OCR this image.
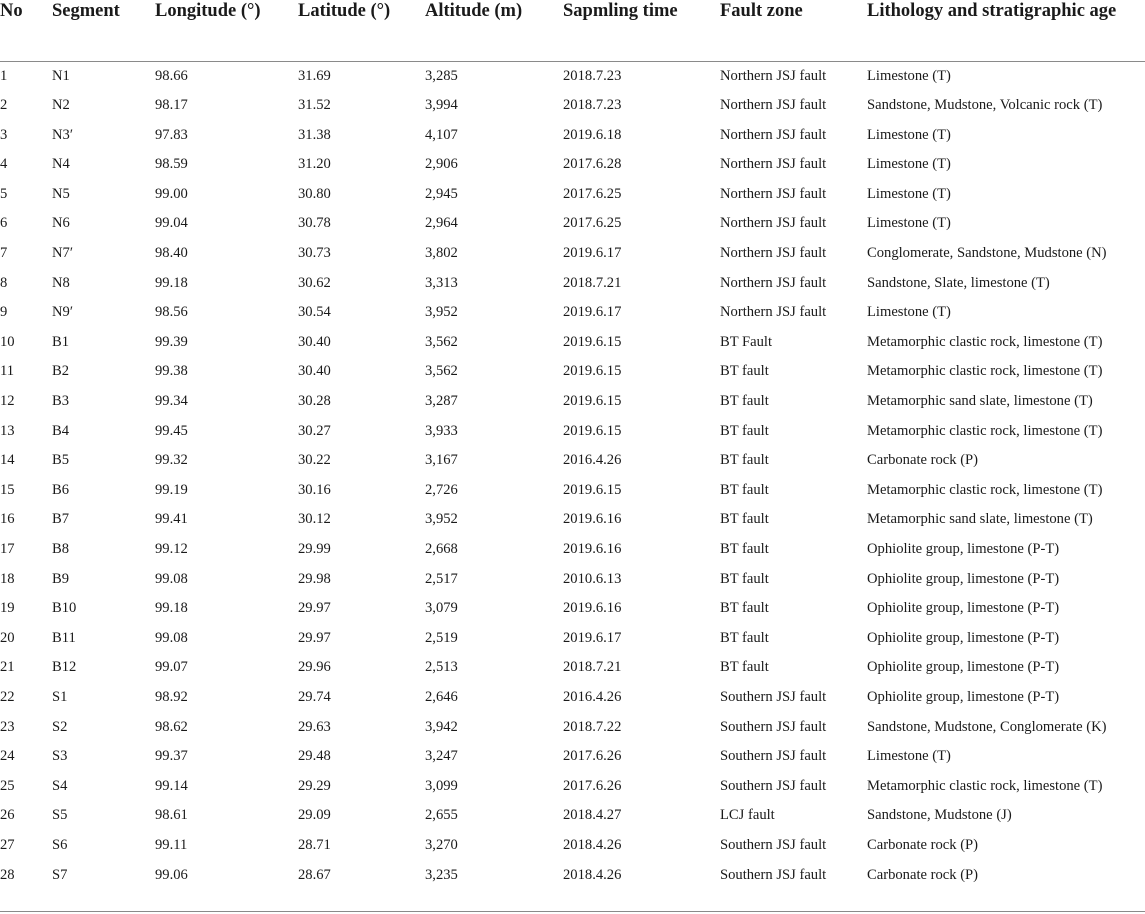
No	Segment	Longitude (°)	Latitude (°)	Altitude (m)	Sapmling time	Fault zone	Lithology and stratigraphic age
1	N1	98.66	31.69	3,285	2018.7.23	Northern JSJ fault	Limestone (T)
2	N2	98.17	31.52	3,994	2018.7.23	Northern JSJ fault	Sandstone, Mudstone, Volcanic rock (T)
3	N3′	97.83	31.38	4,107	2019.6.18	Northern JSJ fault	Limestone (T)
4	N4	98.59	31.20	2,906	2017.6.28	Northern JSJ fault	Limestone (T)
5	N5	99.00	30.80	2,945	2017.6.25	Northern JSJ fault	Limestone (T)
6	N6	99.04	30.78	2,964	2017.6.25	Northern JSJ fault	Limestone (T)
7	N7′	98.40	30.73	3,802	2019.6.17	Northern JSJ fault	Conglomerate, Sandstone, Mudstone (N)
8	N8	99.18	30.62	3,313	2018.7.21	Northern JSJ fault	Sandstone, Slate, limestone (T)
9	N9′	98.56	30.54	3,952	2019.6.17	Northern JSJ fault	Limestone (T)
10	B1	99.39	30.40	3,562	2019.6.15	BT Fault	Metamorphic clastic rock, limestone (T)
11	B2	99.38	30.40	3,562	2019.6.15	BT fault	Metamorphic clastic rock, limestone (T)
12	B3	99.34	30.28	3,287	2019.6.15	BT fault	Metamorphic sand slate, limestone (T)
13	B4	99.45	30.27	3,933	2019.6.15	BT fault	Metamorphic clastic rock, limestone (T)
14	B5	99.32	30.22	3,167	2016.4.26	BT fault	Carbonate rock (P)
15	B6	99.19	30.16	2,726	2019.6.15	BT fault	Metamorphic clastic rock, limestone (T)
16	B7	99.41	30.12	3,952	2019.6.16	BT fault	Metamorphic sand slate, limestone (T)
17	B8	99.12	29.99	2,668	2019.6.16	BT fault	Ophiolite group, limestone (P-T)
18	B9	99.08	29.98	2,517	2010.6.13	BT fault	Ophiolite group, limestone (P-T)
19	B10	99.18	29.97	3,079	2019.6.16	BT fault	Ophiolite group, limestone (P-T)
20	B11	99.08	29.97	2,519	2019.6.17	BT fault	Ophiolite group, limestone (P-T)
21	B12	99.07	29.96	2,513	2018.7.21	BT fault	Ophiolite group, limestone (P-T)
22	S1	98.92	29.74	2,646	2016.4.26	Southern JSJ fault	Ophiolite group, limestone (P-T)
23	S2	98.62	29.63	3,942	2018.7.22	Southern JSJ fault	Sandstone, Mudstone, Conglomerate (K)
24	S3	99.37	29.48	3,247	2017.6.26	Southern JSJ fault	Limestone (T)
25	S4	99.14	29.29	3,099	2017.6.26	Southern JSJ fault	Metamorphic clastic rock, limestone (T)
26	S5	98.61	29.09	2,655	2018.4.27	LCJ fault	Sandstone, Mudstone (J)
27	S6	99.11	28.71	3,270	2018.4.26	Southern JSJ fault	Carbonate rock (P)
28	S7	99.06	28.67	3,235	2018.4.26	Southern JSJ fault	Carbonate rock (P)
